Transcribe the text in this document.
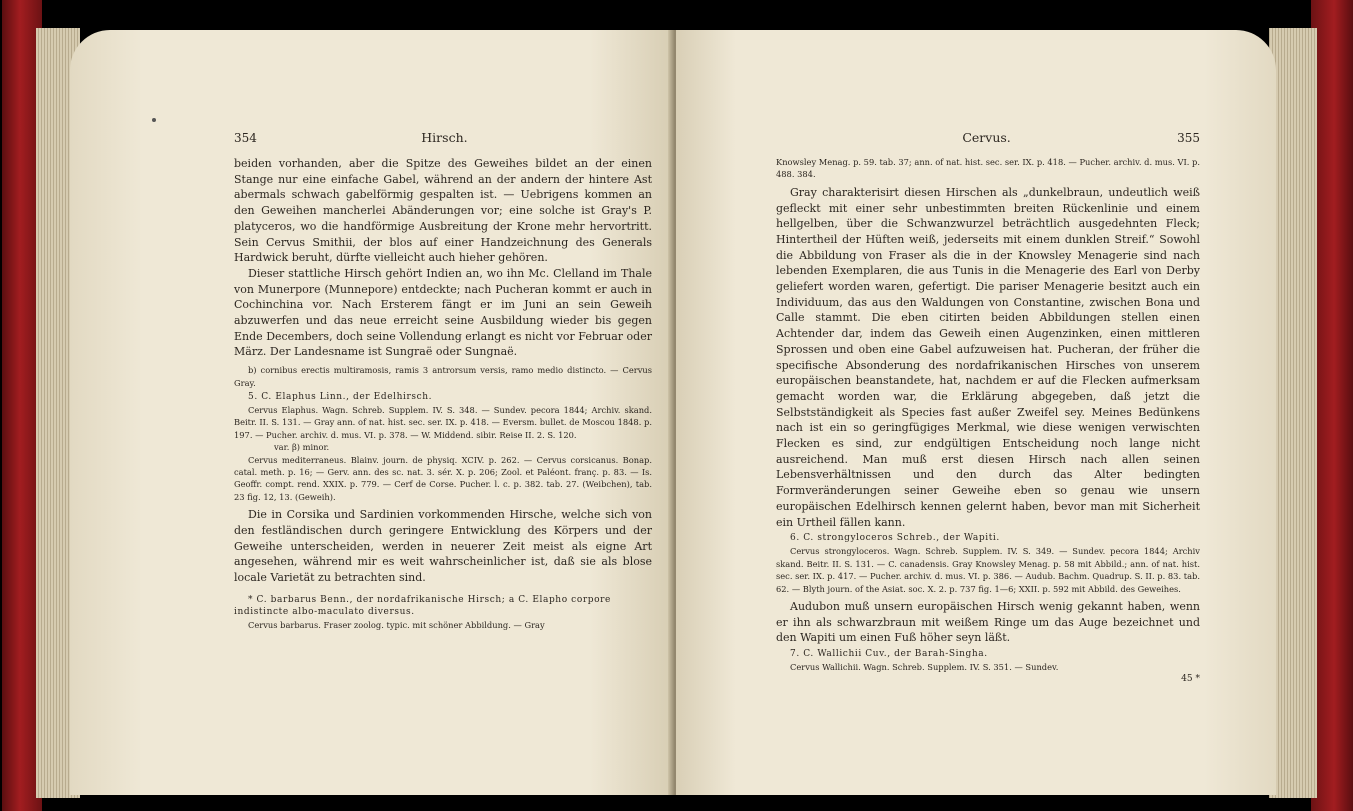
354	Hirsch.

beiden vorhanden, aber die Spitze des Geweihes bildet an der einen Stange nur eine einfache Gabel, während an der andern der hintere Ast abermals schwach gabelförmig gespalten ist. — Uebrigens kommen an den Geweihen mancherlei Abänderungen vor; eine solche ist Gray's P. platyceros, wo die handförmige Ausbreitung der Krone mehr hervortritt. Sein Cervus Smithii, der blos auf einer Handzeichnung des Generals Hardwick beruht, dürfte vielleicht auch hieher gehören.

Dieser stattliche Hirsch gehört Indien an, wo ihn Mc. Clelland im Thale von Munerpore (Munnepore) entdeckte; nach Pucheran kommt er auch in Cochinchina vor. Nach Ersterem fängt er im Juni an sein Geweih abzuwerfen und das neue erreicht seine Ausbildung wieder bis gegen Ende Decembers, doch seine Vollendung erlangt es nicht vor Februar oder März. Der Landesname ist Sungraë oder Sungnaë.

b) cornibus erectis multiramosis, ramis 3 antrorsum versis, ramo medio distincto. — Cervus Gray.

5. C. Elaphus Linn., der Edelhirsch.

Cervus Elaphus. Wagn. Schreb. Supplem. IV. S. 348. — Sundev. pecora 1844; Archiv. skand. Beitr. II. S. 131. — Gray ann. of nat. hist. sec. ser. IX. p. 418. — Eversm. bullet. de Moscou 1848. p. 197. — Pucher. archiv. d. mus. VI. p. 378. — W. Middend. sibir. Reise II. 2. S. 120.

var. β) minor.

Cervus mediterraneus. Blainv. journ. de physiq. XCIV. p. 262. — Cervus corsicanus. Bonap. catal. meth. p. 16; — Gerv. ann. des sc. nat. 3. sér. X. p. 206; Zool. et Paléont. franç. p. 83. — Is. Geoffr. compt. rend. XXIX. p. 779. — Cerf de Corse. Pucher. l. c. p. 382. tab. 27. (Weibchen), tab. 23 fig. 12, 13. (Geweih).

Die in Corsika und Sardinien vorkommenden Hirsche, welche sich von den festländischen durch geringere Entwicklung des Körpers und der Geweihe unterscheiden, werden in neuerer Zeit meist als eigne Art angesehen, während mir es weit wahrscheinlicher ist, daß sie als blose locale Varietät zu betrachten sind.

* C. barbarus Benn., der nordafrikanische Hirsch; a C. Elapho corpore indistincte albo-maculato diversus.

Cervus barbarus. Fraser zoolog. typic. mit schöner Abbildung. — Gray

Cervus.	355

Knowsley Menag. p. 59. tab. 37; ann. of nat. hist. sec. ser. IX. p. 418. — Pucher. archiv. d. mus. VI. p. 488. 384.

Gray charakterisirt diesen Hirschen als „dunkelbraun, undeutlich weiß gefleckt mit einer sehr unbestimmten breiten Rückenlinie und einem hellgelben, über die Schwanzwurzel beträchtlich ausgedehnten Fleck; Hintertheil der Hüften weiß, jederseits mit einem dunklen Streif.“ Sowohl die Abbildung von Fraser als die in der Knowsley Menagerie sind nach lebenden Exemplaren, die aus Tunis in die Menagerie des Earl von Derby geliefert worden waren, gefertigt. Die pariser Menagerie besitzt auch ein Individuum, das aus den Waldungen von Constantine, zwischen Bona und Calle stammt. Die eben citirten beiden Abbildungen stellen einen Achtender dar, indem das Geweih einen Augenzinken, einen mittleren Sprossen und oben eine Gabel aufzuweisen hat. Pucheran, der früher die specifische Absonderung des nordafrikanischen Hirsches von unserem europäischen beanstandete, hat, nachdem er auf die Flecken aufmerksam gemacht worden war, die Erklärung abgegeben, daß jetzt die Selbstständigkeit als Species fast außer Zweifel sey. Meines Bedünkens nach ist ein so geringfügiges Merkmal, wie diese wenigen verwischten Flecken es sind, zur endgültigen Entscheidung noch lange nicht ausreichend. Man muß erst diesen Hirsch nach allen seinen Lebensverhältnissen und den durch das Alter bedingten Formveränderungen seiner Geweihe eben so genau wie unsern europäischen Edelhirsch kennen gelernt haben, bevor man mit Sicherheit ein Urtheil fällen kann.

6. C. strongyloceros Schreb., der Wapiti.

Cervus strongyloceros. Wagn. Schreb. Supplem. IV. S. 349. — Sundev. pecora 1844; Archiv skand. Beitr. II. S. 131. — C. canadensis. Gray Knowsley Menag. p. 58 mit Abbild.; ann. of nat. hist. sec. ser. IX. p. 417. — Pucher. archiv. d. mus. VI. p. 386. — Audub. Bachm. Quadrup. S. II. p. 83. tab. 62. — Blyth journ. of the Asiat. soc. X. 2. p. 737 fig. 1—6; XXII. p. 592 mit Abbild. des Geweihes.

Audubon muß unsern europäischen Hirsch wenig gekannt haben, wenn er ihn als schwarzbraun mit weißem Ringe um das Auge bezeichnet und den Wapiti um einen Fuß höher seyn läßt.

7. C. Wallichii Cuv., der Barah-Singha.

Cervus Wallichii. Wagn. Schreb. Supplem. IV. S. 351. — Sundev.

45 *
